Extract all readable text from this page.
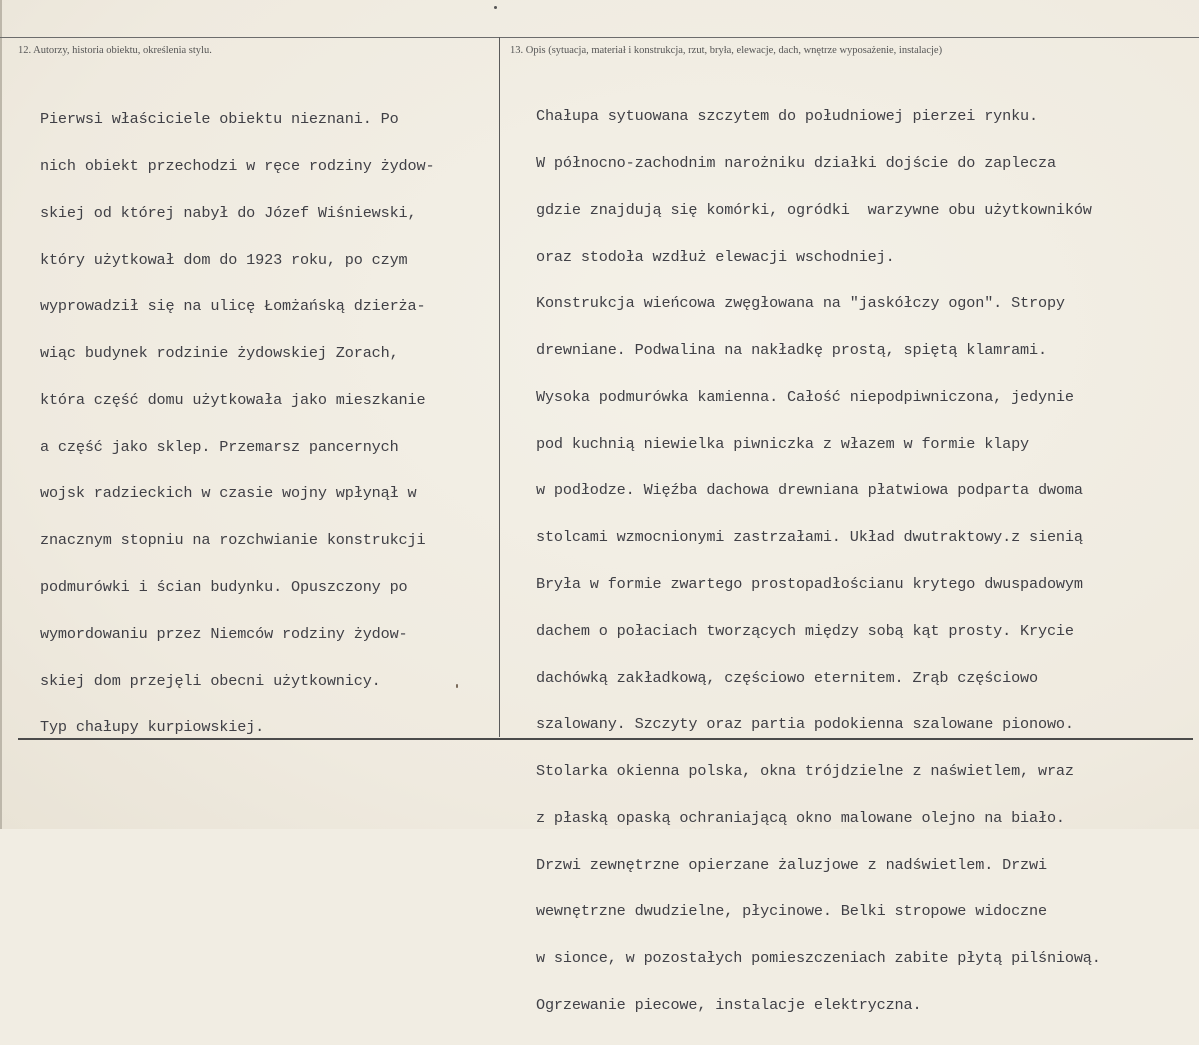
12. Autorzy, historia obiektu, określenia stylu.	13. Opis (sytuacja, materiał i konstrukcja, rzut, bryła, elewacje, dach, wnętrze wyposażenie, instalacje)

Pierwsi właściciele obiektu nieznani. Po

nich obiekt przechodzi w ręce rodziny żydow-

skiej od której nabył do Józef Wiśniewski,

który użytkował dom do 1923 roku, po czym

wyprowadził się na ulicę Łomżańską dzierża-

wiąc budynek rodzinie żydowskiej Zorach,

która część domu użytkowała jako mieszkanie

a część jako sklep. Przemarsz pancernych

wojsk radzieckich w czasie wojny wpłynął w

znacznym stopniu na rozchwianie konstrukcji

podmurówki i ścian budynku. Opuszczony po

wymordowaniu przez Niemców rodziny żydow-

skiej dom przejęli obecni użytkownicy.

Typ chałupy kurpiowskiej.

Chałupa sytuowana szczytem do południowej pierzei rynku.

W północno-zachodnim narożniku działki dojście do zaplecza

gdzie znajdują się komórki, ogródki  warzywne obu użytkowników

oraz stodoła wzdłuż elewacji wschodniej.

Konstrukcja wieńcowa zwęgłowana na "jaskółczy ogon". Stropy

drewniane. Podwalina na nakładkę prostą, spiętą klamrami.

Wysoka podmurówka kamienna. Całość niepodpiwniczona, jedynie

pod kuchnią niewielka piwniczka z włazem w formie klapy

w podłodze. Więźba dachowa drewniana płatwiowa podparta dwoma

stolcami wzmocnionymi zastrzałami. Układ dwutraktowy.z sienią

Bryła w formie zwartego prostopadłościanu krytego dwuspadowym

dachem o połaciach tworzących między sobą kąt prosty. Krycie

dachówką zakładkową, częściowo eternitem. Zrąb częściowo

szalowany. Szczyty oraz partia podokienna szalowane pionowo.

Stolarka okienna polska, okna trójdzielne z naświetlem, wraz

z płaską opaską ochraniającą okno malowane olejno na biało.

Drzwi zewnętrzne opierzane żaluzjowe z nadświetlem. Drzwi

wewnętrzne dwudzielne, płycinowe. Belki stropowe widoczne

w sionce, w pozostałych pomieszczeniach zabite płytą pilśniową.

Ogrzewanie piecowe, instalacje elektryczna.
